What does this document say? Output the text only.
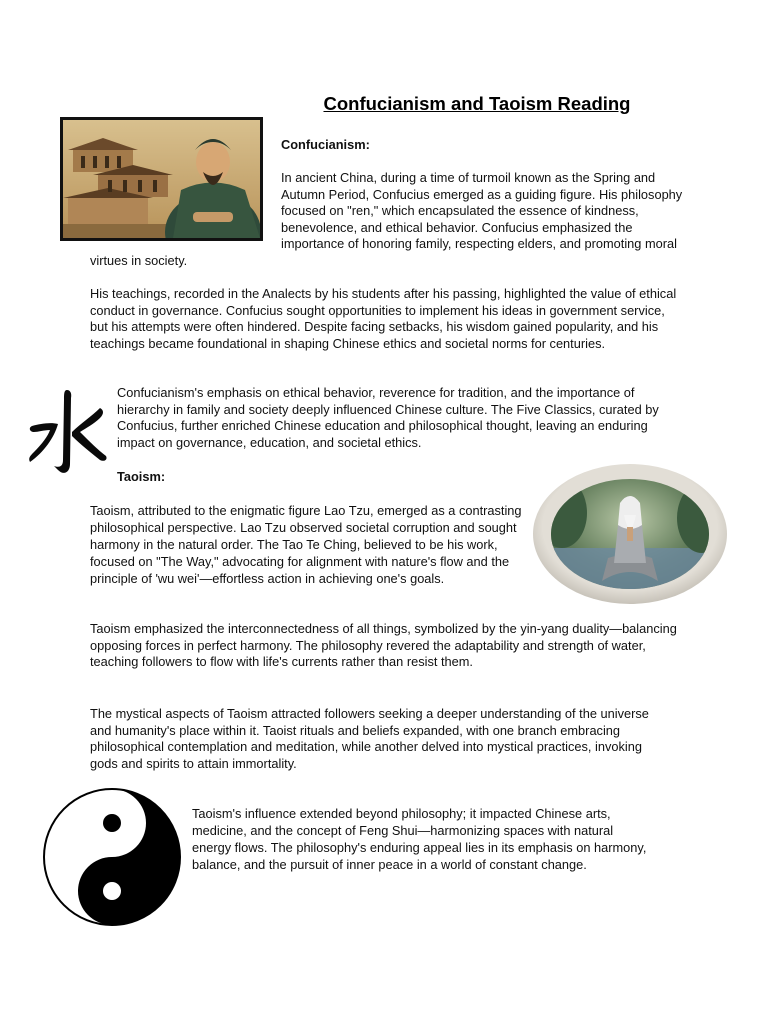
Confucianism and Taoism Reading
Confucianism:

In ancient China, during a time of turmoil known as the Spring and Autumn Period, Confucius emerged as a guiding figure. His philosophy focused on "ren," which encapsulated the essence of kindness, benevolence, and ethical behavior. Confucius emphasized the importance of honoring family, respecting elders, and promoting moral virtues in society.

His teachings, recorded in the Analects by his students after his passing, highlighted the value of ethical conduct in governance. Confucius sought opportunities to implement his ideas in government service, but his attempts were often hindered. Despite facing setbacks, his wisdom gained popularity, and his teachings became foundational in shaping Chinese ethics and societal norms for centuries.

Confucianism's emphasis on ethical behavior, reverence for tradition, and the importance of hierarchy in family and society deeply influenced Chinese culture. The Five Classics, curated by Confucius, further enriched Chinese education and philosophical thought, leaving an enduring impact on governance, education, and societal ethics.

Taoism:

Taoism, attributed to the enigmatic figure Lao Tzu, emerged as a contrasting philosophical perspective. Lao Tzu observed societal corruption and sought harmony in the natural order. The Tao Te Ching, believed to be his work, focused on "The Way," advocating for alignment with nature's flow and the principle of 'wu wei'—effortless action in achieving one's goals.

Taoism emphasized the interconnectedness of all things, symbolized by the yin-yang duality—balancing opposing forces in perfect harmony. The philosophy revered the adaptability and strength of water, teaching followers to flow with life's currents rather than resist them.

The mystical aspects of Taoism attracted followers seeking a deeper understanding of the universe and humanity's place within it. Taoist rituals and beliefs expanded, with one branch embracing philosophical contemplation and meditation, while another delved into mystical practices, invoking gods and spirits to attain immortality.

Taoism's influence extended beyond philosophy; it impacted Chinese arts, medicine, and the concept of Feng Shui—harmonizing spaces with natural energy flows. The philosophy's enduring appeal lies in its emphasis on harmony, balance, and the pursuit of inner peace in a world of constant change.
